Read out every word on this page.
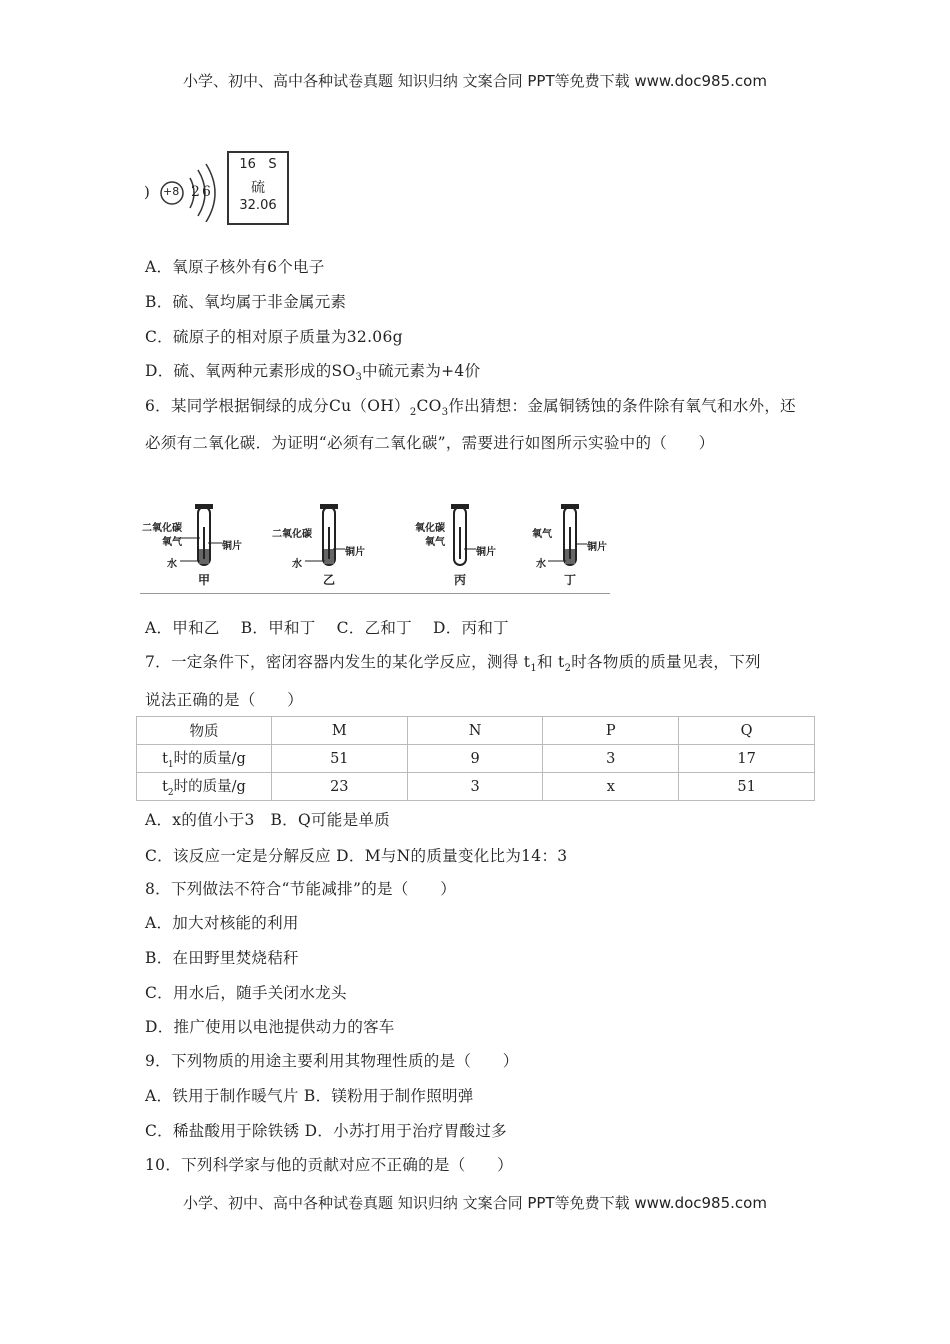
小学、初中、高中各种试卷真题 知识归纳 文案合同 PPT等免费下载 www.doc985.com
) +8 2 6
16 S
硫
32.06
A．氧原子核外有6个电子
B．硫、氧均属于非金属元素
C．硫原子的相对原子质量为32.06g
D．硫、氧两种元素形成的$SO_3$中硫元素为+4价
6．某同学根据铜绿的成分$Cu(OH)_2CO_3$作出猜想：金属铜锈蚀的条件除有氧气和水外，还
必须有二氧化碳．为证明“必须有二氧化碳”，需要进行如图所示实验中的（　　）
二氧化碳
氧气	铜片
水
甲
二氧化碳
铜片
水
乙
氧化碳
氧气
铜片
丙
氧气
铜片
水
丁
A．甲和乙　 B．甲和丁　 C．乙和丁　 D．丙和丁
7．一定条件下，密闭容器内发生的某化学反应，测得 $t_1$和 $t_2$时各物质的质量见表，下列
说法正确的是（　　）
物质	M	N	P	Q
$t_1$时的质量/g	51	9	3	17
$t_2$时的质量/g	23	3	x	51
A．x的值小于3　B．Q可能是单质
C．该反应一定是分解反应 D．M与N的质量变化比为14：3
8．下列做法不符合“节能减排”的是（　　）
A．加大对核能的利用
B．在田野里焚烧秸秆
C．用水后，随手关闭水龙头
D．推广使用以电池提供动力的客车
9．下列物质的用途主要利用其物理性质的是（　　）
A．铁用于制作暖气片 B．镁粉用于制作照明弹
C．稀盐酸用于除铁锈 D．小苏打用于治疗胃酸过多
10．下列科学家与他的贡献对应不正确的是（　　）
小学、初中、高中各种试卷真题 知识归纳 文案合同 PPT等免费下载 www.doc985.com
